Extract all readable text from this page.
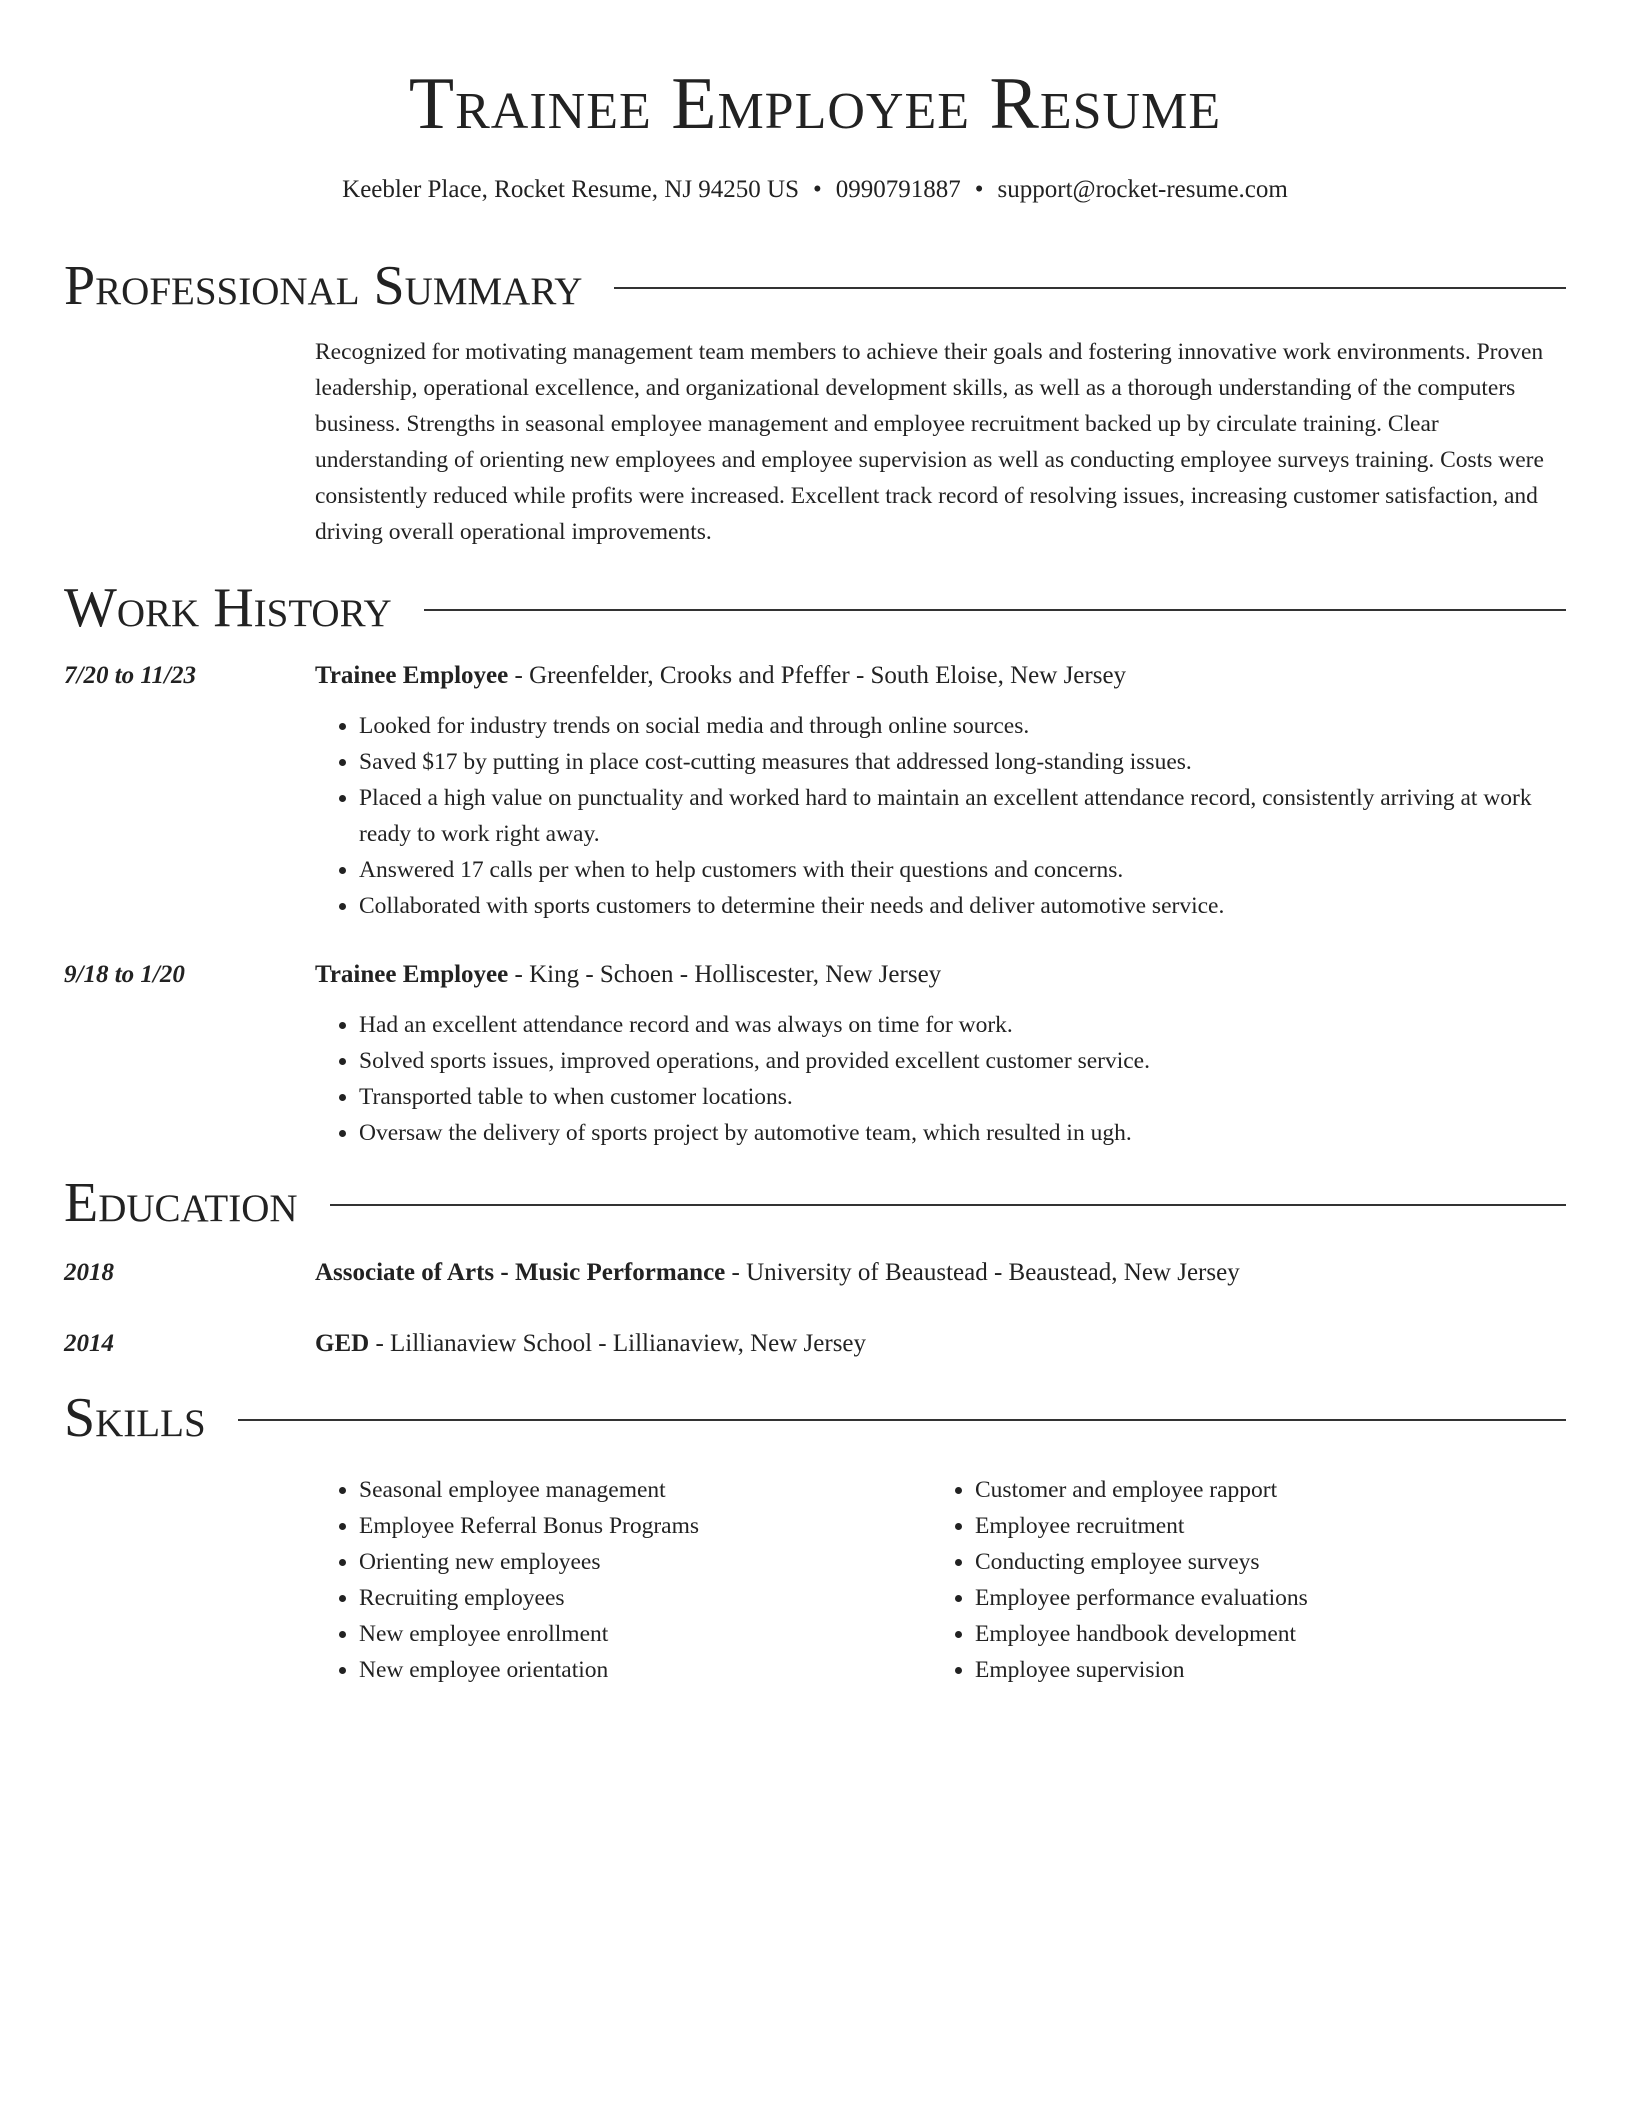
Trainee Employee Resume
Keebler Place, Rocket Resume, NJ 94250 US • 0990791887 • support@rocket-resume.com
Professional Summary
Recognized for motivating management team members to achieve their goals and fostering innovative work environments. Proven leadership, operational excellence, and organizational development skills, as well as a thorough understanding of the computers business. Strengths in seasonal employee management and employee recruitment backed up by circulate training. Clear understanding of orienting new employees and employee supervision as well as conducting employee surveys training. Costs were consistently reduced while profits were increased. Excellent track record of resolving issues, increasing customer satisfaction, and driving overall operational improvements.
Work History
7/20 to 11/23	Trainee Employee - Greenfelder, Crooks and Pfeffer - South Eloise, New Jersey
• Looked for industry trends on social media and through online sources.
• Saved $17 by putting in place cost-cutting measures that addressed long-standing issues.
• Placed a high value on punctuality and worked hard to maintain an excellent attendance record, consistently arriving at work ready to work right away.
• Answered 17 calls per when to help customers with their questions and concerns.
• Collaborated with sports customers to determine their needs and deliver automotive service.
9/18 to 1/20	Trainee Employee - King - Schoen - Holliscester, New Jersey
• Had an excellent attendance record and was always on time for work.
• Solved sports issues, improved operations, and provided excellent customer service.
• Transported table to when customer locations.
• Oversaw the delivery of sports project by automotive team, which resulted in ugh.
Education
2018	Associate of Arts - Music Performance - University of Beaustead - Beaustead, New Jersey
2014	GED - Lillianaview School - Lillianaview, New Jersey
Skills
• Seasonal employee management
• Employee Referral Bonus Programs
• Orienting new employees
• Recruiting employees
• New employee enrollment
• New employee orientation
• Customer and employee rapport
• Employee recruitment
• Conducting employee surveys
• Employee performance evaluations
• Employee handbook development
• Employee supervision
